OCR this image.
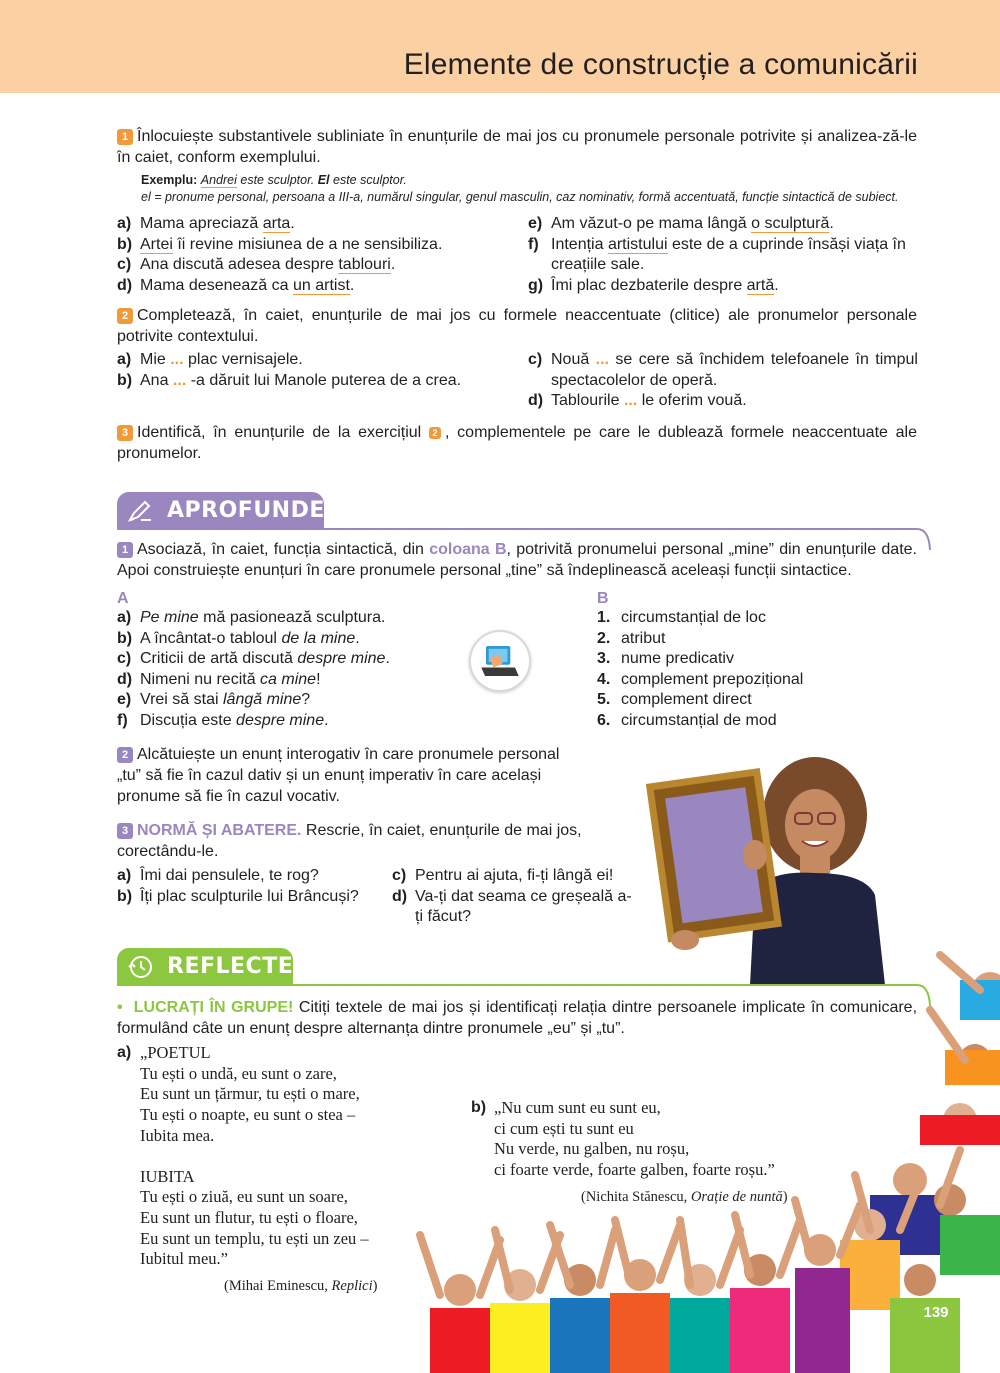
Elemente de construcție a comunicării
1 Înlocuiește substantivele subliniate în enunțurile de mai jos cu pronumele personale potrivite și analizea-ză-le în caiet, conform exemplului.
Exemplu: Andrei este sculptor. El este sculptor.
el = pronume personal, persoana a III-a, numărul singular, genul masculin, caz nominativ, formă accentuată, funcție sintactică de subiect.
a) Mama apreciază arta.
b) Artei îi revine misiunea de a ne sensibiliza.
c) Ana discută adesea despre tablouri.
d) Mama desenează ca un artist.
e) Am văzut-o pe mama lângă o sculptură.
f) Intenția artistului este de a cuprinde însăși viața în creațiile sale.
g) Îmi plac dezbaterile despre artă.
2 Completează, în caiet, enunțurile de mai jos cu formele neaccentuate (clitice) ale pronumelor personale potrivite contextului.
a) Mie ... plac vernisajele.
b) Ana ... -a dăruit lui Manole puterea de a crea.
c) Nouă ... se cere să închidem telefoanele în timpul spectacolelor de operă.
d) Tablourile ... le oferim vouă.
3 Identifică, în enunțurile de la exercițiul 2 , complementele pe care le dublează formele neaccentuate ale pronumelor.
APROFUNDEZ
1 Asociază, în caiet, funcția sintactică, din coloana B, potrivită pronumelui personal „mine” din enunțurile date. Apoi construiește enunțuri în care pronumele personal „tine” să îndeplinească aceleași funcții sintactice.
A
a) Pe mine mă pasionează sculptura.
b) A încântat-o tabloul de la mine.
c) Criticii de artă discută despre mine.
d) Nimeni nu recită ca mine!
e) Vrei să stai lângă mine?
f) Discuția este despre mine.
B
1. circumstanțial de loc
2. atribut
3. nume predicativ
4. complement prepozițional
5. complement direct
6. circumstanțial de mod
2 Alcătuiește un enunț interogativ în care pronumele personal „tu” să fie în cazul dativ și un enunț imperativ în care același pronume să fie în cazul vocativ.
3 NORMĂ ȘI ABATERE. Rescrie, în caiet, enunțurile de mai jos, corectându-le.
a) Îmi dai pensulele, te rog?
b) Îți plac sculpturile lui Brâncuși?
c) Pentru ai ajuta, fi-ți lângă ei!
d) Va-ți dat seama ce greșeală a-ți făcut?
REFLECTEZ
• LUCRAȚI ÎN GRUPE! Citiți textele de mai jos și identificați relația dintre persoanele implicate în comunicare, formulând câte un enunț despre alternanța dintre pronumele „eu” și „tu”.
a) „POETUL
Tu ești o undă, eu sunt o zare,
Eu sunt un țărmur, tu ești o mare,
Tu ești o noapte, eu sunt o stea –
Iubita mea.
IUBITA
Tu ești o ziuă, eu sunt un soare,
Eu sunt un flutur, tu ești o floare,
Eu sunt un templu, tu ești un zeu –
Iubitul meu.”
(Mihai Eminescu, Replici)
b) „Nu cum sunt eu sunt eu,
ci cum ești tu sunt eu
Nu verde, nu galben, nu roșu,
ci foarte verde, foarte galben, foarte roșu.”
(Nichita Stănescu, Orație de nuntă)
139
